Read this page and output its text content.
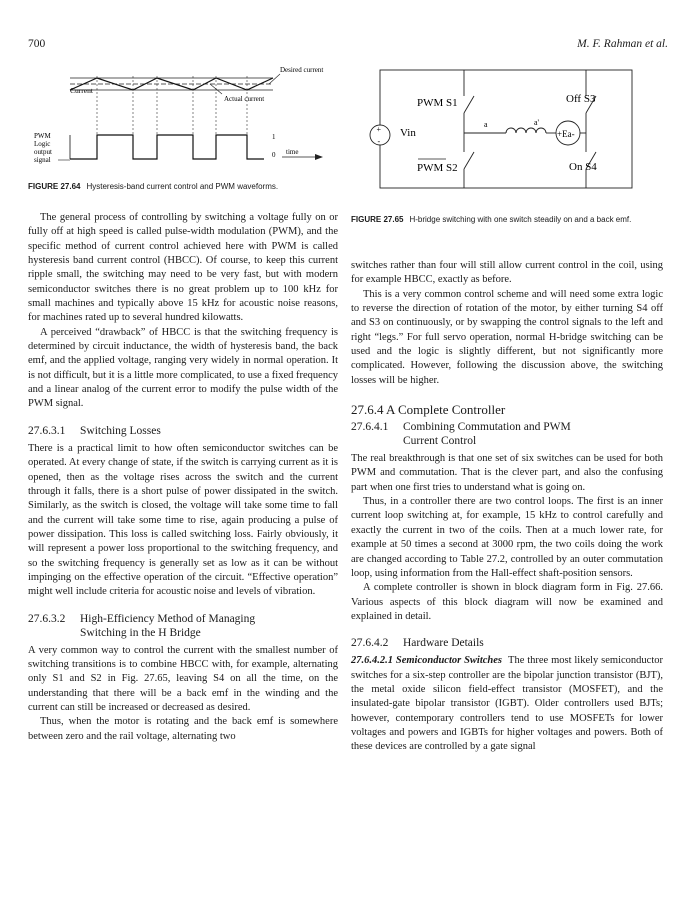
700	M. F. Rahman et al.
Current
Desired current
Actual current
PWM Logic output signal
1
0 time
FIGURE 27.64 Hysteresis-band current control and PWM waveforms.
+
-
Vin
PWM S1
PWM S2
Off S3
On S4
+Ea-
a	a'
FIGURE 27.65 H-bridge switching with one switch steadily on and a back emf.

The general process of controlling by switching a voltage fully on or fully off at high speed is called pulse-width modulation (PWM), and the specific method of current control achieved here with PWM is called hysteresis band current control (HBCC). Of course, to keep this current ripple small, the switching may need to be very fast, but with modern semiconductor switches there is no great problem up to 100 kHz for small machines and typically above 15 kHz for acoustic noise reasons, for machines rated up to several hundred kilowatts.

A perceived “drawback” of HBCC is that the switching frequency is determined by circuit inductance, the width of hysteresis band, the back emf, and the applied voltage, ranging very widely in normal operation. It is not difficult, but it is a little more complicated, to use a fixed frequency and a linear analog of the current error to modify the pulse width of the PWM signal.

27.6.3.1 Switching Losses

There is a practical limit to how often semiconductor switches can be operated. At every change of state, if the switch is carrying current as it is opened, then as the voltage rises across the switch and the current through it falls, there is a short pulse of power dissipated in the switch. Similarly, as the switch is closed, the voltage will take some time to fall and the current will take some time to rise, again producing a pulse of power dissipation. This loss is called switching loss. Fairly obviously, it will represent a power loss proportional to the switching frequency, and so the switching frequency is generally set as low as it can be without impinging on the effective operation of the circuit. “Effective operation” might well include criteria for acoustic noise and levels of vibration.

27.6.3.2 High-Efficiency Method of Managing
Switching in the H Bridge

A very common way to control the current with the smallest number of switching transitions is to combine HBCC with, for example, alternating only S1 and S2 in Fig. 27.65, leaving S4 on all the time, on the understanding that there will be a back emf in the winding and the current can still be increased or decreased as desired.

Thus, when the motor is rotating and the back emf is somewhere between zero and the rail voltage, alternating two

switches rather than four will still allow current control in the coil, using for example HBCC, exactly as before.

This is a very common control scheme and will need some extra logic to reverse the direction of rotation of the motor, by either turning S4 off and S3 on continuously, or by swapping the control signals to the left and right “legs.” For full servo operation, normal H-bridge switching can be used and the logic is slightly different, but not significantly more complicated. However, following the discussion above, the switching losses will be higher.

27.6.4 A Complete Controller
27.6.4.1 Combining Commutation and PWM
Current Control

The real breakthrough is that one set of six switches can be used for both PWM and commutation. That is the clever part, and also the confusing part when one first tries to understand what is going on.

Thus, in a controller there are two control loops. The first is an inner current loop switching at, for example, 15 kHz to control carefully and exactly the current in two of the coils. Then at a much lower rate, for example at 50 times a second at 3000 rpm, the two coils doing the work are changed according to Table 27.2, controlled by an outer commutation loop, using information from the Hall-effect shaft-position sensors.

A complete controller is shown in block diagram form in Fig. 27.66. Various aspects of this block diagram will now be examined and explained in detail.

27.6.4.2 Hardware Details

27.6.4.2.1 Semiconductor Switches The three most likely semiconductor switches for a six-step controller are the bipolar junction transistor (BJT), the metal oxide silicon field-effect transistor (MOSFET), and the insulated-gate bipolar transistor (IGBT). Older controllers used BJTs; however, contemporary controllers tend to use MOSFETs for lower voltages and powers and IGBTs for higher voltages and powers. Both of these devices are controlled by a gate signal
